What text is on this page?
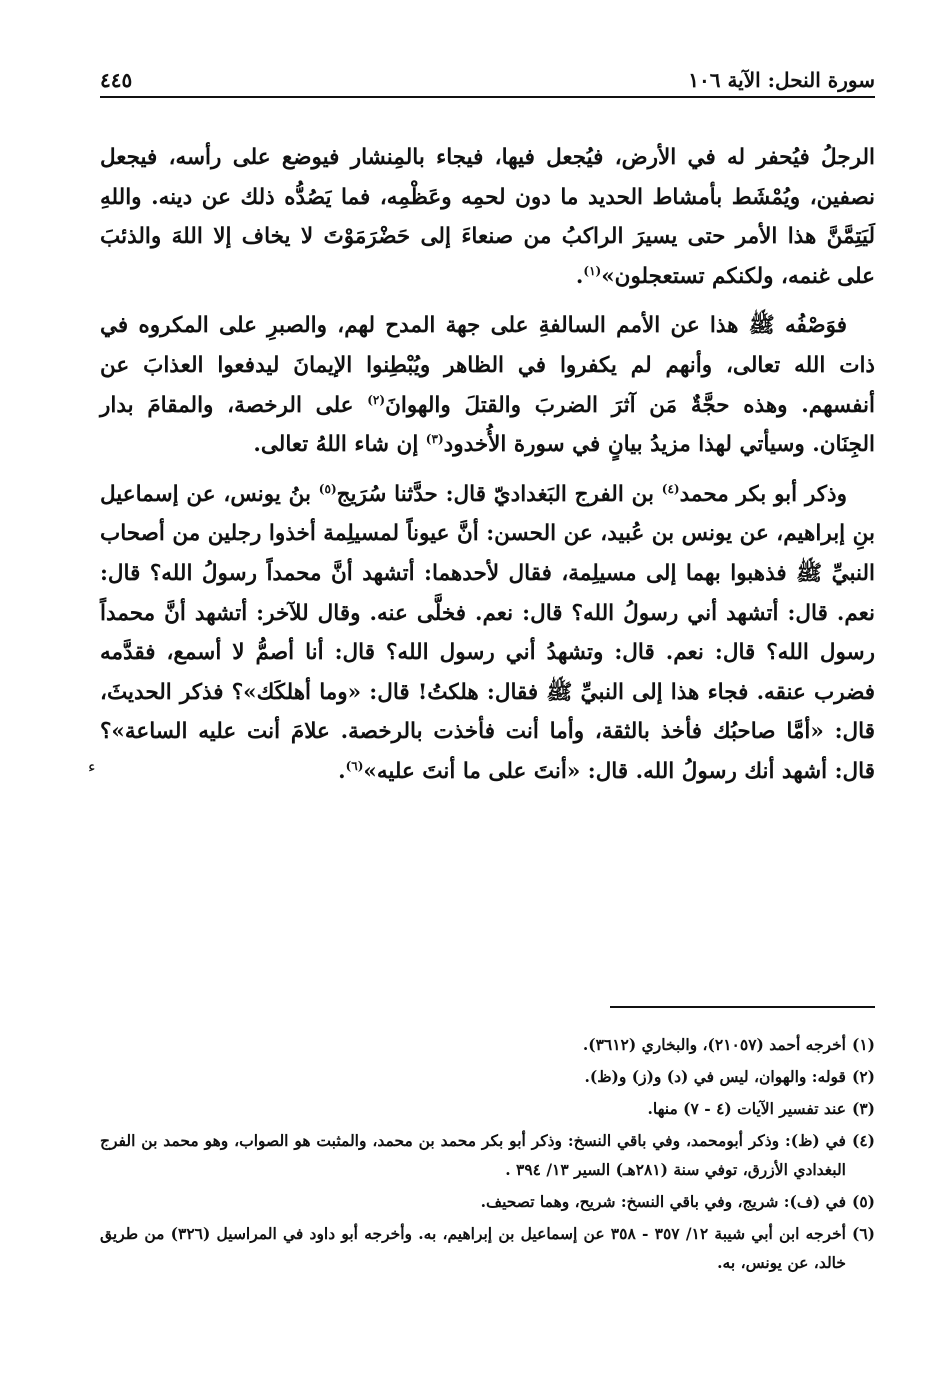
سورة النحل: الآية ١٠٦
٤٤٥

الرجلُ فيُحفر له في الأرض، فيُجعل فيها، فيجاء بالمِنشار فيوضع على رأسه، فيجعل نصفين، ويُمْشَط بأمشاط الحديد ما دون لحمِه وعَظْمِه، فما يَصُدُّه ذلك عن دينه. واللهِ لَيَتِمَّنَّ هذا الأمر حتى يسيرَ الراكبُ من صنعاءَ إلى حَضْرَمَوْتَ لا يخاف إلا اللهَ والذئبَ على غنمه، ولكنكم تستعجلون»$^{(١)}$.

فوَصْفُه ﷺ هذا عن الأمم السالفةِ على جهة المدح لهم، والصبرِ على المكروه في ذات الله تعالى، وأنهم لم يكفروا في الظاهر ويُبْطِنوا الإيمانَ ليدفعوا العذابَ عن أنفسهم. وهذه حجَّةٌ مَن آثرَ الضربَ والقتلَ والهوانَ$^{(٢)}$ على الرخصة، والمقامَ بدار الجِنَان. وسيأتي لهذا مزيدُ بيانٍ في سورة الأُخدود$^{(٣)}$ إن شاء اللهُ تعالى.

وذكر أبو بكر محمد$^{(٤)}$ بن الفرج البَغداديّ قال: حدَّثنا سُرَيج$^{(٥)}$ بنُ يونس، عن إسماعيل بنِ إبراهيم، عن يونس بن عُبيد، عن الحسن: أنَّ عيوناً لمسيلِمة أخذوا رجلين من أصحاب النبيِّ ﷺ فذهبوا بهما إلى مسيلِمة، فقال لأحدهما: أتشهد أنَّ محمداً رسولُ الله؟ قال: نعم. قال: أتشهد أني رسولُ الله؟ قال: نعم. فخلَّى عنه. وقال للآخر: أتشهد أنَّ محمداً رسول الله؟ قال: نعم. قال: وتشهدُ أني رسول الله؟ قال: أنا أصمُّ لا أسمع، فقدَّمه فضرب عنقه. فجاء هذا إلى النبيِّ ﷺ فقال: هلكتُ! قال: «وما أهلكَك»؟ فذكر الحديثَ، قال: «أمَّا صاحبُك فأخذ بالثقة، وأما أنت فأخذت بالرخصة. علامَ أنت عليه الساعة»؟ قال: أشهد أنك رسولُ الله. قال: «أنتَ على ما أنتَ عليه»$^{(٦)}$.

ء
(١)
أخرجه أحمد (٢١٠٥٧)، والبخاري (٣٦١٢).
(٢)
قوله: والهوان، ليس في (د) و(ز) و(ظ).
(٣)
عند تفسير الآيات (٤ - ٧) منها.
(٤)
في (ظ): وذكر أبومحمد، وفي باقي النسخ: وذكر أبو بكر محمد بن محمد، والمثبت هو الصواب، وهو محمد بن الفرج البغدادي الأزرق، توفي سنة (٢٨١هـ) السير ١٣/ ٣٩٤ .
(٥)
في (ف): شريج، وفي باقي النسخ: شريح، وهما تصحيف.
(٦)
أخرجه ابن أبي شيبة ١٢/ ٣٥٧ - ٣٥٨ عن إسماعيل بن إبراهيم، به. وأخرجه أبو داود في المراسيل (٣٢٦) من طريق خالد، عن يونس، به.
